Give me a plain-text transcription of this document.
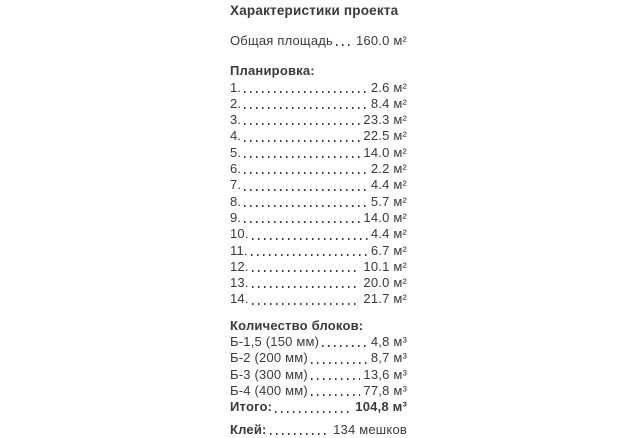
Характеристики проекта
Общая площадь 160.0 м²
Планировка:
1.	2.6 м²
2.	8.4 м²
3.	23.3 м²
4.	22.5 м²
5.	14.0 м²
6.	2.2 м²
7.	4.4 м²
8.	5.7 м²
9.	14.0 м²
10.	4.4 м²
11.	6.7 м²
12.	10.1 м²
13.	20.0 м²
14.	21.7 м²
Количество блоков:
Б-1,5 (150 мм)	4,8 м³
Б-2 (200 мм)	8,7 м³
Б-3 (300 мм)	13,6 м³
Б-4 (400 мм)	77,8 м³
Итого:	104,8 м³
Клей:	134 мешков
